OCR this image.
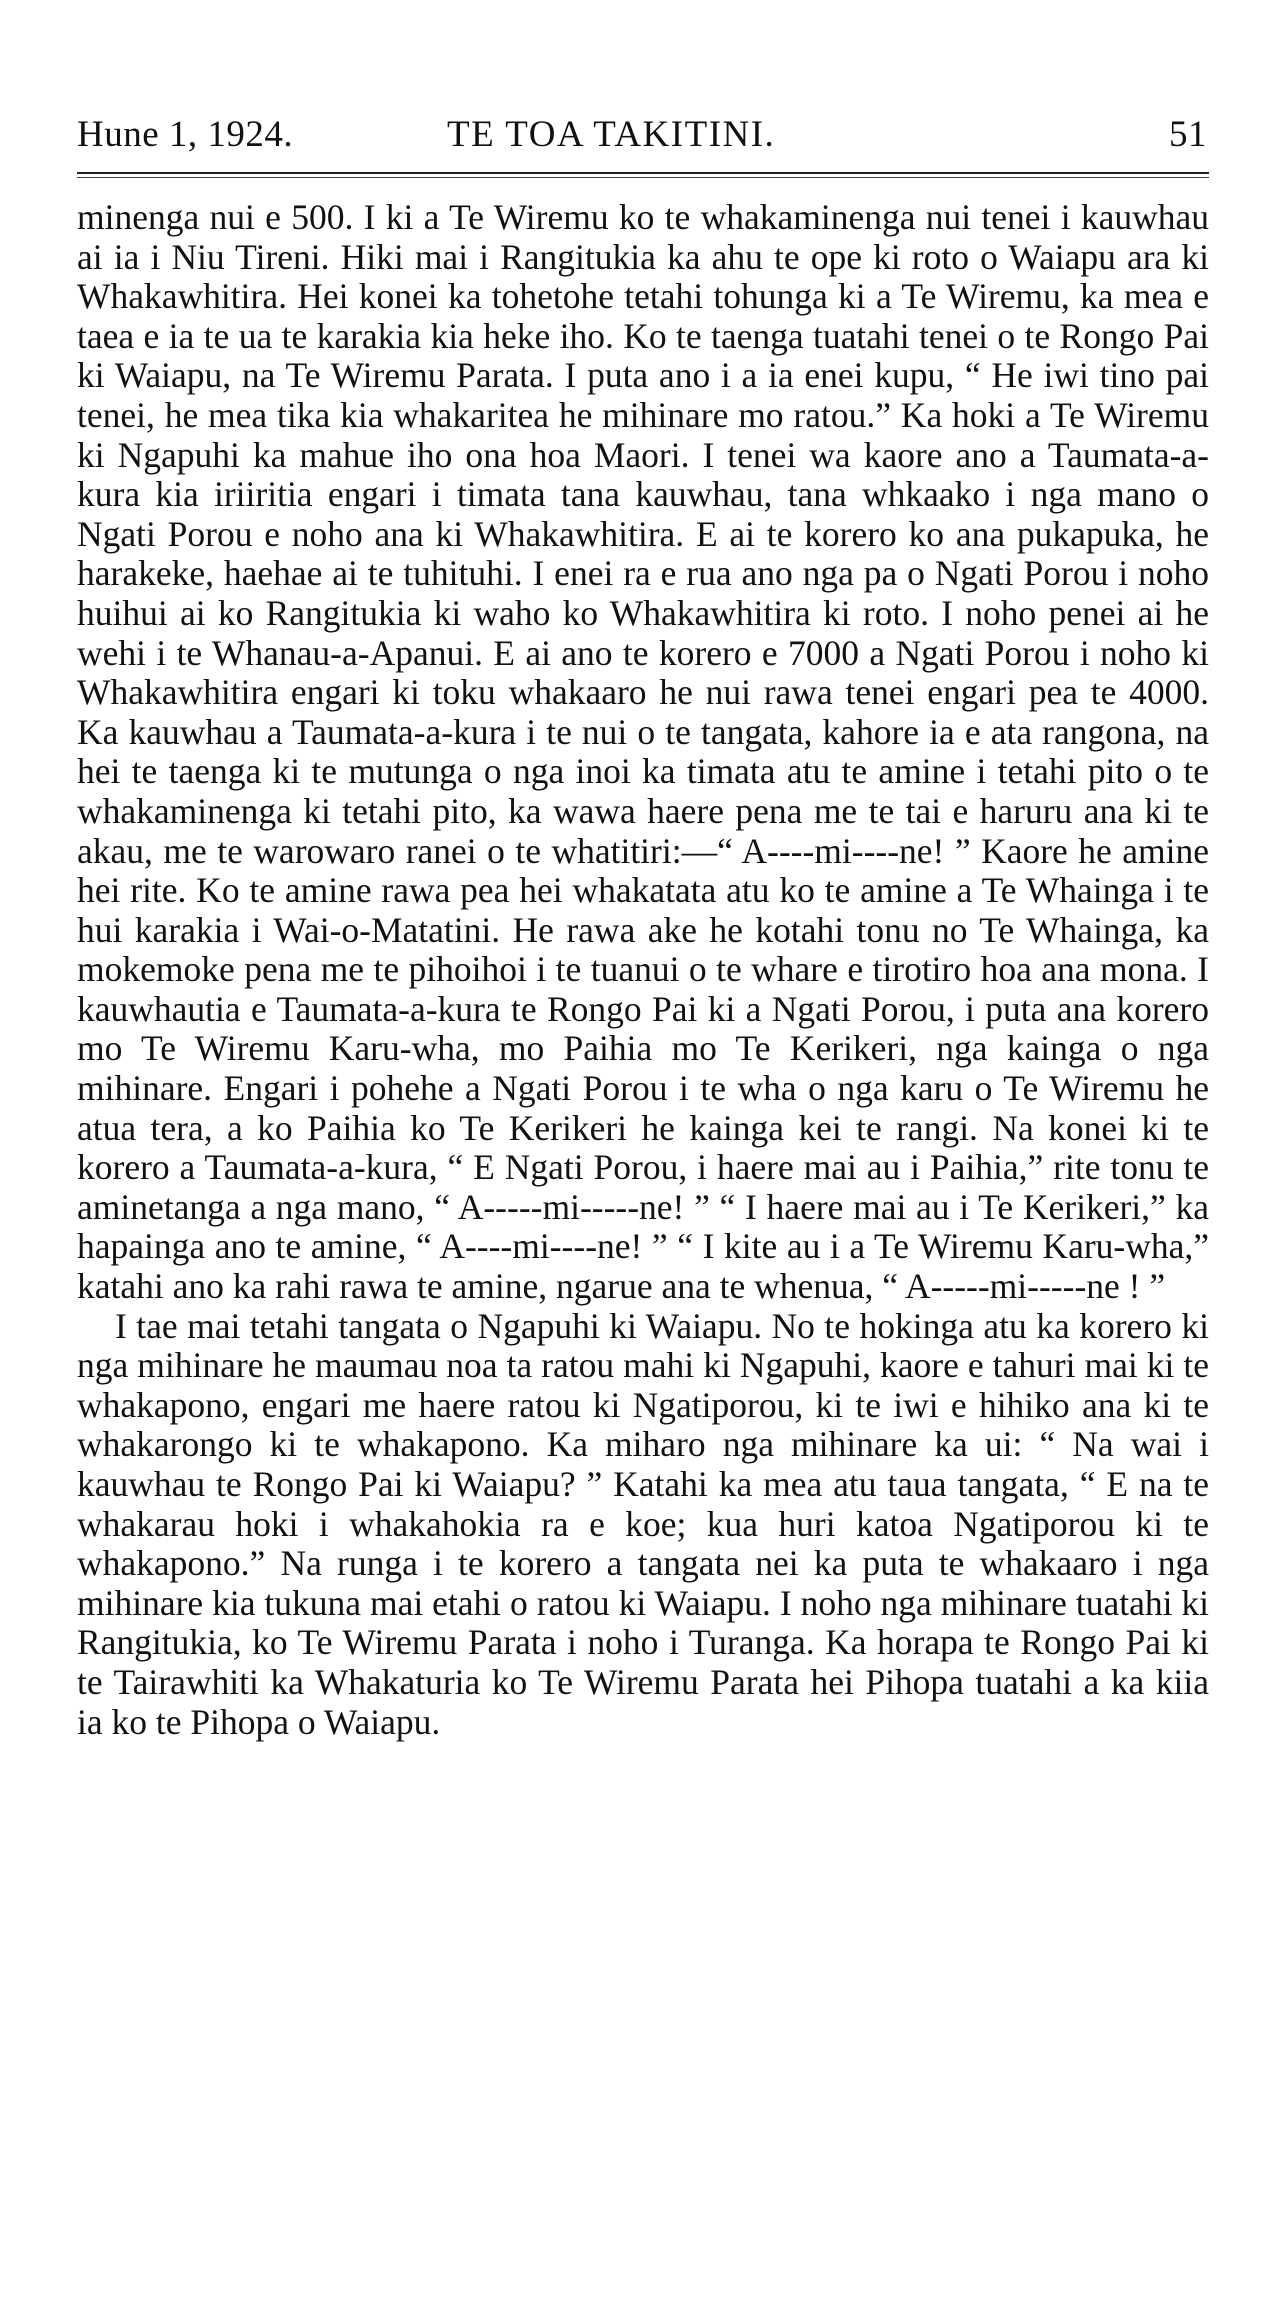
Hune 1, 1924.	TE TOA TAKITINI.	51

minenga nui e 500. I ki a Te Wiremu ko te whakaminenga nui tenei i kauwhau ai ia i Niu Tireni. Hiki mai i Rangitukia ka ahu te ope ki roto o Waiapu ara ki Whakawhitira. Hei konei ka tohetohe tetahi tohunga ki a Te Wiremu, ka mea e taea e ia te ua te karakia kia heke iho. Ko te taenga tuatahi tenei o te Rongo Pai ki Waiapu, na Te Wiremu Parata. I puta ano i a ia enei kupu, “ He iwi tino pai tenei, he mea tika kia whakaritea he mihinare mo ratou.” Ka hoki a Te Wiremu ki Ngapuhi ka mahue iho ona hoa Maori. I tenei wa kaore ano a Taumata-a-kura kia iriiritia engari i timata tana kauwhau, tana whkaako i nga mano o Ngati Porou e noho ana ki Whakawhitira. E ai te korero ko ana pukapuka, he harakeke, haehae ai te tuhituhi. I enei ra e rua ano nga pa o Ngati Porou i noho huihui ai ko Rangitukia ki waho ko Whakawhitira ki roto. I noho penei ai he wehi i te Whanau-a-Apanui. E ai ano te korero e 7000 a Ngati Porou i noho ki Whakawhitira engari ki toku whakaaro he nui rawa tenei engari pea te 4000. Ka kauwhau a Taumata-a-kura i te nui o te tangata, kahore ia e ata rangona, na hei te taenga ki te mutunga o nga inoi ka timata atu te amine i tetahi pito o te whakaminenga ki tetahi pito, ka wawa haere pena me te tai e haruru ana ki te akau, me te warowaro ranei o te whatitiri:—“ A----mi----ne! ” Kaore he amine hei rite. Ko te amine rawa pea hei whakatata atu ko te amine a Te Whainga i te hui karakia i Wai-o-Matatini. He rawa ake he kotahi tonu no Te Whainga, ka mokemoke pena me te pihoihoi i te tuanui o te whare e tirotiro hoa ana mona. I kauwhautia e Taumata-a-kura te Rongo Pai ki a Ngati Porou, i puta ana korero mo Te Wiremu Karu-wha, mo Paihia mo Te Kerikeri, nga kainga o nga mihinare. Engari i pohehe a Ngati Porou i te wha o nga karu o Te Wiremu he atua tera, a ko Paihia ko Te Kerikeri he kainga kei te rangi. Na konei ki te korero a Taumata-a-kura, “ E Ngati Porou, i haere mai au i Paihia,” rite tonu te aminetanga a nga mano, “ A-----mi-----ne! ” “ I haere mai au i Te Kerikeri,” ka hapainga ano te amine, “ A----mi----ne! ” “ I kite au i a Te Wiremu Karu-wha,” katahi ano ka rahi rawa te amine, ngarue ana te whenua, “ A-----mi-----ne ! ”

I tae mai tetahi tangata o Ngapuhi ki Waiapu. No te hokinga atu ka korero ki nga mihinare he maumau noa ta ratou mahi ki Ngapuhi, kaore e tahuri mai ki te whakapono, engari me haere ratou ki Ngatiporou, ki te iwi e hihiko ana ki te whakarongo ki te whakapono. Ka miharo nga mihinare ka ui: “ Na wai i kauwhau te Rongo Pai ki Waiapu? ” Katahi ka mea atu taua tangata, “ E na te whakarau hoki i whakahokia ra e koe; kua huri katoa Ngatiporou ki te whakapono.” Na runga i te korero a tangata nei ka puta te whakaaro i nga mihinare kia tukuna mai etahi o ratou ki Waiapu. I noho nga mihinare tuatahi ki Rangitukia, ko Te Wiremu Parata i noho i Turanga. Ka horapa te Rongo Pai ki te Tairawhiti ka Whakaturia ko Te Wiremu Parata hei Pihopa tuatahi a ka kiia ia ko te Pihopa o Waiapu.
